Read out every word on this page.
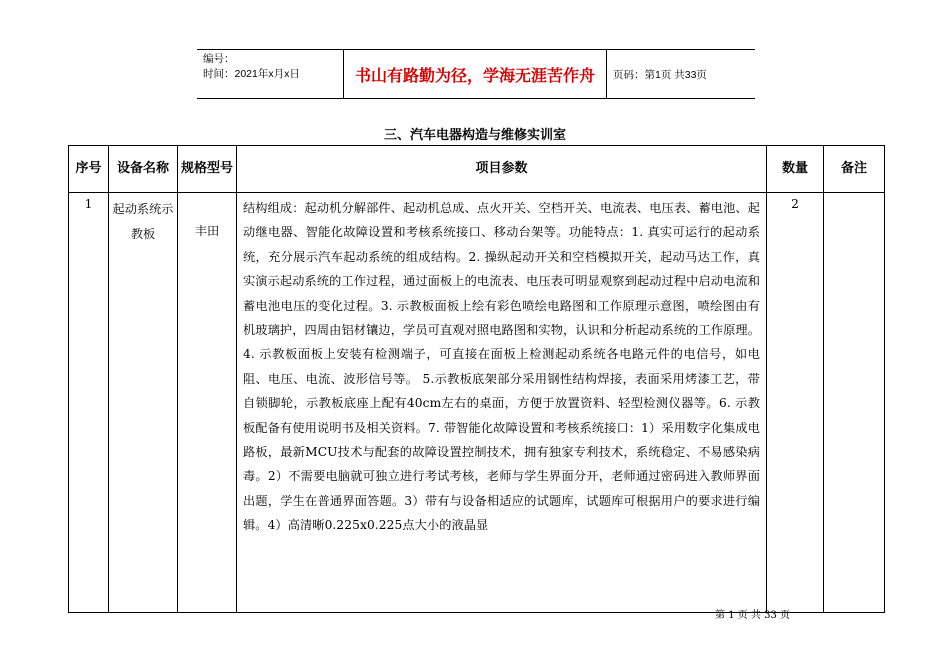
编号：
时间：2021年x月x日	书山有路勤为径，学海无涯苦作舟	页码：第1页 共33页
三、汽车电器构造与维修实训室
序号	设备名称	规格型号	项目参数	数量	备注
1	起动系统示教板	丰田	结构组成：起动机分解部件、起动机总成、点火开关、空档开关、电流表、电压表、蓄电池、起动继电器、智能化故障设置和考核系统接口、移动台架等。功能特点：1. 真实可运行的起动系统，充分展示汽车起动系统的组成结构。2. 操纵起动开关和空档模拟开关，起动马达工作，真实演示起动系统的工作过程，通过面板上的电流表、电压表可明显观察到起动过程中启动电流和蓄电池电压的变化过程。3. 示教板面板上绘有彩色喷绘电路图和工作原理示意图，喷绘图由有机玻璃护，四周由铝材镶边，学员可直观对照电路图和实物，认识和分析起动系统的工作原理。4. 示教板面板上安装有检测端子，可直接在面板上检测起动系统各电路元件的电信号，如电阻、电压、电流、波形信号等。 5.示教板底架部分采用钢性结构焊接，表面采用烤漆工艺，带自锁脚轮，示教板底座上配有40cm左右的桌面，方便于放置资料、轻型检测仪器等。6. 示教板配备有使用说明书及相关资料。7. 带智能化故障设置和考核系统接口：1）采用数字化集成电路板，最新MCU技术与配套的故障设置控制技术，拥有独家专利技术，系统稳定、不易感染病毒。2）不需要电脑就可独立进行考试考核，老师与学生界面分开，老师通过密码进入教师界面出题，学生在普通界面答题。3）带有与设备相适应的试题库，试题库可根据用户的要求进行编辑。4）高清晰0.225x0.225点大小的液晶显	2	
第 1 页 共 33 页
